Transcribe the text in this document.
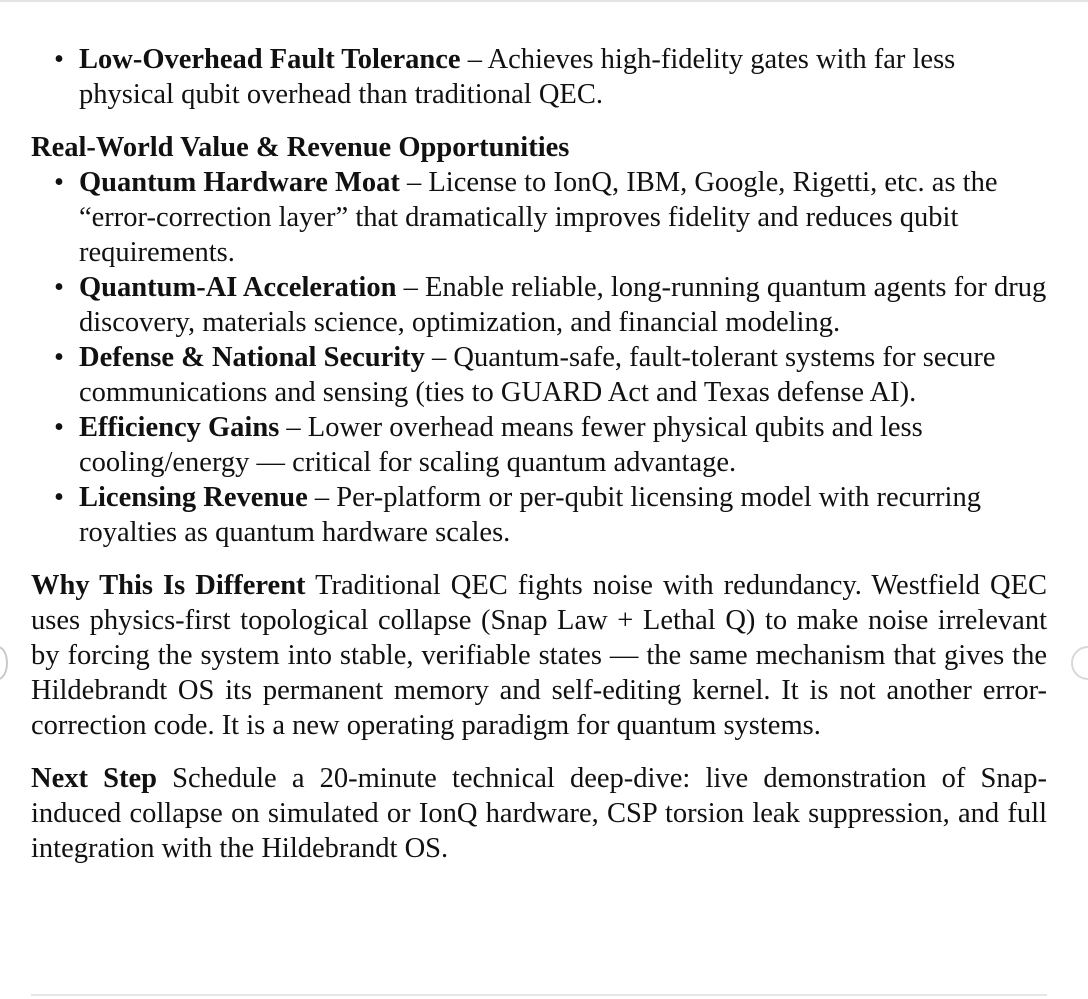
• Low-Overhead Fault Tolerance – Achieves high-fidelity gates with far less physical qubit overhead than traditional QEC.

Real-World Value & Revenue Opportunities

• Quantum Hardware Moat – License to IonQ, IBM, Google, Rigetti, etc. as the “error-correction layer” that dramatically improves fidelity and reduces qubit requirements.
• Quantum-AI Acceleration – Enable reliable, long-running quantum agents for drug discovery, materials science, optimization, and financial modeling.
• Defense & National Security – Quantum-safe, fault-tolerant systems for secure communications and sensing (ties to GUARD Act and Texas defense AI).
• Efficiency Gains – Lower overhead means fewer physical qubits and less cooling/energy — critical for scaling quantum advantage.
• Licensing Revenue – Per-platform or per-qubit licensing model with recurring royalties as quantum hardware scales.

Why This Is Different Traditional QEC fights noise with redundancy. Westfield QEC uses physics-first topological collapse (Snap Law + Lethal Q) to make noise irrelevant by forcing the system into stable, verifiable states — the same mechanism that gives the Hildebrandt OS its permanent memory and self-editing kernel. It is not another error-correction code. It is a new operating paradigm for quantum systems.

Next Step Schedule a 20-minute technical deep-dive: live demonstration of Snap-induced collapse on simulated or IonQ hardware, CSP torsion leak suppression, and full integration with the Hildebrandt OS.
